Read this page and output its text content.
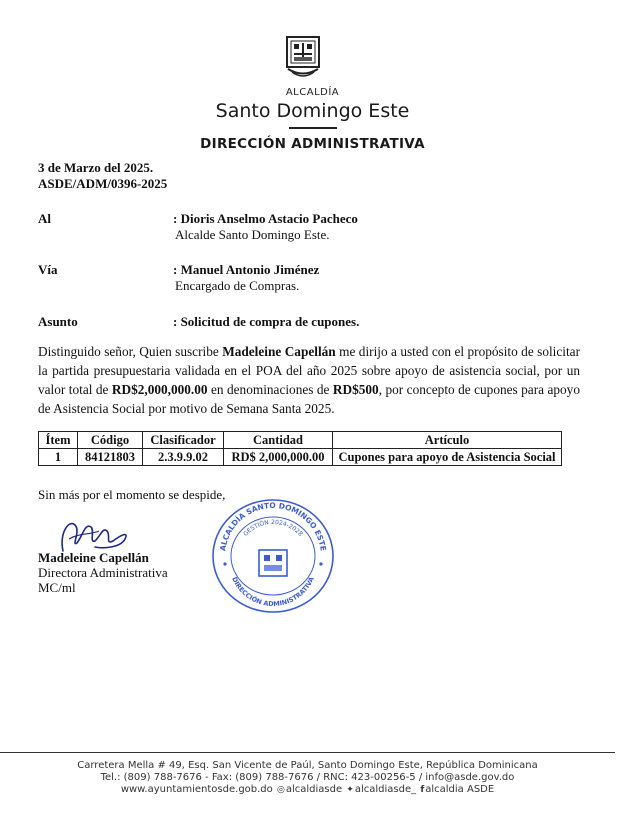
ALCALDÍA
Santo Domingo Este
DIRECCIÓN ADMINISTRATIVA
3 de Marzo del 2025.
ASDE/ADM/0396-2025
Al	: Dioris Anselmo Astacio Pacheco
Alcalde Santo Domingo Este.
Vía	: Manuel Antonio Jiménez
Encargado de Compras.
Asunto	: Solicitud de compra de cupones.
Distinguido señor, Quien suscribe Madeleine Capellán me dirijo a usted con el propósito de solicitar la partida presupuestaria validada en el POA del año 2025 sobre apoyo de asistencia social, por un valor total de RD$2,000,000.00 en denominaciones de RD$500, por concepto de cupones para apoyo de Asistencia Social por motivo de Semana Santa 2025.
Ítem	Código	Clasificador	Cantidad	Artículo
1	84121803	2.3.9.9.02	RD$ 2,000,000.00	Cupones para apoyo de Asistencia Social
Sin más por el momento se despide,
Madeleine Capellán
Directora Administrativa
MC/ml
ALCALDÍA SANTO DOMINGO ESTE
DIRECCIÓN ADMINISTRATIVA
GESTIÓN 2024-2028
Carretera Mella # 49, Esq. San Vicente de Paúl, Santo Domingo Este, República Dominicana
Tel.: (809) 788-7676 - Fax: (809) 788-7676 / RNC: 423-00256-5 / info@asde.gov.do
www.ayuntamientosde.gob.do ◎alcaldiasde ✦alcaldiasde_ falcaldia ASDE
